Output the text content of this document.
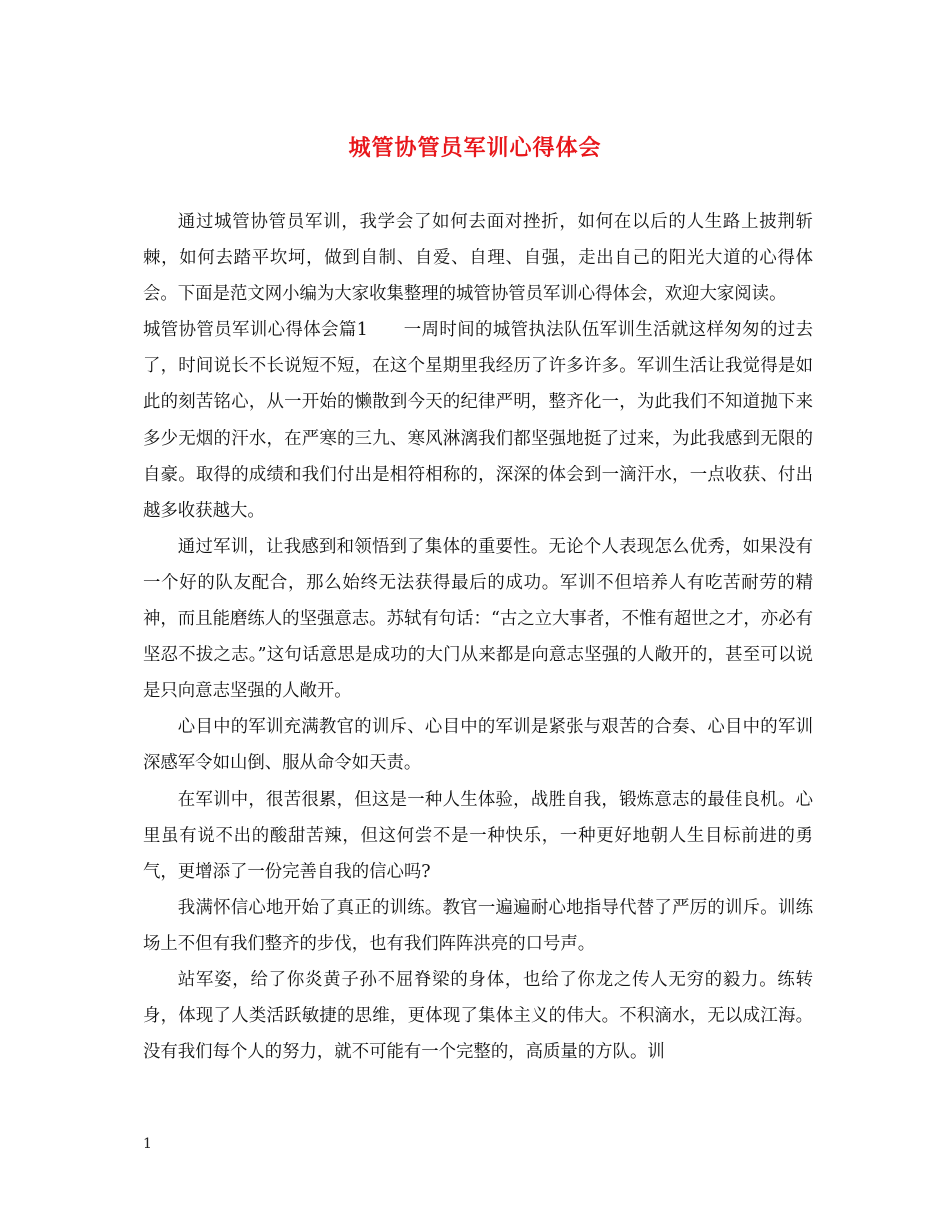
城管协管员军训心得体会

通过城管协管员军训，我学会了如何去面对挫折，如何在以后的人生路上披荆斩棘，如何去踏平坎坷，做到自制、自爱、自理、自强，走出自己的阳光大道的心得体会。下面是范文网小编为大家收集整理的城管协管员军训心得体会，欢迎大家阅读。

城管协管员军训心得体会篇1　　一周时间的城管执法队伍军训生活就这样匆匆的过去了，时间说长不长说短不短，在这个星期里我经历了许多许多。军训生活让我觉得是如此的刻苦铭心，从一开始的懒散到今天的纪律严明，整齐化一，为此我们不知道抛下来多少无烟的汗水，在严寒的三九、寒风淋漓我们都坚强地挺了过来，为此我感到无限的自豪。取得的成绩和我们付出是相符相称的，深深的体会到一滴汗水，一点收获、付出越多收获越大。

通过军训，让我感到和领悟到了集体的重要性。无论个人表现怎么优秀，如果没有一个好的队友配合，那么始终无法获得最后的成功。军训不但培养人有吃苦耐劳的精神，而且能磨练人的坚强意志。苏轼有句话：“古之立大事者，不惟有超世之才，亦必有坚忍不拔之志。”这句话意思是成功的大门从来都是向意志坚强的人敞开的，甚至可以说是只向意志坚强的人敞开。

心目中的军训充满教官的训斥、心目中的军训是紧张与艰苦的合奏、心目中的军训深感军令如山倒、服从命令如天责。

在军训中，很苦很累，但这是一种人生体验，战胜自我，锻炼意志的最佳良机。心里虽有说不出的酸甜苦辣，但这何尝不是一种快乐，一种更好地朝人生目标前进的勇气，更增添了一份完善自我的信心吗?

我满怀信心地开始了真正的训练。教官一遍遍耐心地指导代替了严厉的训斥。训练场上不但有我们整齐的步伐，也有我们阵阵洪亮的口号声。

站军姿，给了你炎黄子孙不屈脊梁的身体，也给了你龙之传人无穷的毅力。练转身，体现了人类活跃敏捷的思维，更体现了集体主义的伟大。不积滴水，无以成江海。没有我们每个人的努力，就不可能有一个完整的，高质量的方队。训

1
